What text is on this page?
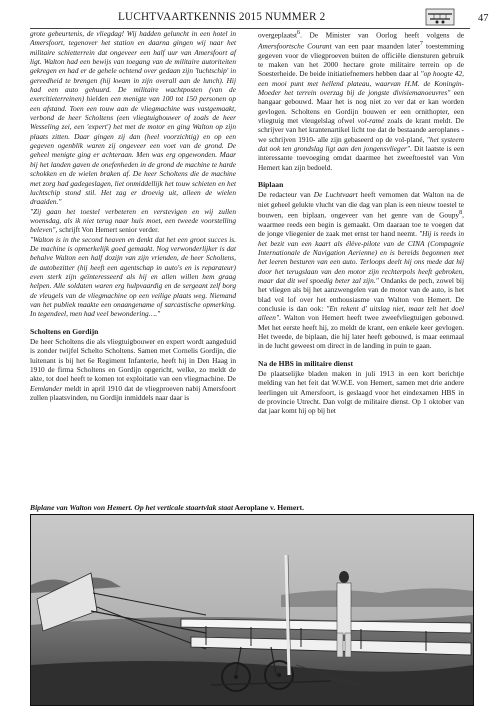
LUCHTVAARTKENNIS 2015 NUMMER 2	47

grote gebeurtenis, de vliegdag! Wij hadden geluncht in een hotel in Amersfoort, tegenover het station en daarna gingen wij naar het militaire schietterrein dat ongeveer een half uur van Amersfoort af ligt. Walton had een bewijs van toegang van de militaire autoriteiten gekregen en had er de gehele ochtend over gedaan zijn 'luchtschip' in gereedheid te brengen (hij kwam in zijn overall aan de lunch). Hij had een auto gehuurd. De militaire wachtposten (van de exercitieterreinen) hielden een menigte van 100 tot 150 personen op een afstand. Toen een touw aan de vliegmachine was vastgemaakt, verbond de heer Scholtens (een vliegtuigbouwer of zoals de heer Wesseling zei, een 'expert') het met de motor en ging Walton op zijn plaats zitten. Daar gingen zij dan (heel voorzichtig) en op een gegeven ogenblik waren zij ongeveer een voet van de grond. De geheel menigte ging er achteraan. Men was erg opgewonden. Maar bij het landen gaven de onefenheden in de grond de machine te harde schokken en de wielen braken af. De heer Scholtens die de machine met zorg had gadegeslagen, liet onmiddellijk het touw schieten en het luchtschip stond stil. Het zag er droevig uit, alleen de wielen draaiden."

"Zij gaan het toestel verbeteren en verstevigen en wij zullen woensdag, als ik niet terug naar huis moet, een tweede voorstelling beleven", schrijft Von Hemert senior verder.

"Walton is in the second heaven en denkt dat het een groot succes is. De machine is opmerkelijk goed gemaakt. Nog verwonderlijker is dat behalve Walton een half dozijn van zijn vrienden, de heer Scholtens, de autobezitter (hij heeft een agentschap in auto's en is reparateur) even sterk zijn geïnteresseerd als hij en allen willen hem graag helpen. Alle soldaten waren erg hulpvaardig en de sergeant zelf borg de vleugels van de vliegmachine op een veilige plaats weg. Niemand van het publiek maakte een onaangename of sarcastische opmerking. In tegendeel, men had veel bewondering…."

Scholtens en Gordijn

De heer Scholtens die als vliegtuigbouwer en expert wordt aangeduid is zonder twijfel Schelto Scholtens. Samen met Cornelis Gordijn, die luitenant is bij het 6e Regiment Infanterie, heeft hij in Den Haag in 1910 de firma Scholtens en Gordijn opgericht, welke, zo meldt de akte, tot doel heeft te komen tot exploitatie van een vliegmachine. De Eemlander meldt in april 1910 dat de vliegproeven nabij Amersfoort zullen plaatsvinden, nu Gordijn inmiddels naar daar is

overgeplaatst$^6$. De Minister van Oorlog heeft volgens de Amersfoortsche Courant van een paar maanden later$^7$ toestemming gegeven voor de vliegproeven buiten de officiële diensturen gebruik te maken van het 2000 hectare grote militaire terrein op de Soesterheide. De beide initiatiefnemers hebben daar al "op hoogte 42, een mooi punt met hellend plateau, waarvan H.M. de Koningin-Moeder het terrein overzag bij de jongste divisiemanoeuvres" een hangaar gebouwd. Maar het is nog niet zo ver dat er kan worden gevlogen. Scholtens en Gordijn bouwen er een ornithopter, een vliegtuig met vleugelslag ofwel vol-ramé zoals de krant meldt. De schrijver van het krantenartikel licht toe dat de bestaande aeroplanes -we schrijven 1910- alle zijn gebaseerd op de vol-plané, "het systeem dat ook ten grondslag ligt aan den jongensvlieger". Dit laatste is een interessante toevoeging omdat daarmee het zweeftoestel van Von Hemert kan zijn bedoeld.

Biplaan

De redacteur van De Luchtvaart heeft vernomen dat Walton na de niet geheel gelukte vlucht van die dag van plan is een nieuw toestel te bouwen, een biplaan, ongeveer van het genre van de Goupy$^8$, waarmee reeds een begin is gemaakt. Om daaraan toe te voegen dat de jonge vliegenier de zaak met ernst ter hand neemt. "Hij is reeds in het bezit van een kaart als élève-pilote van de CINA (Compagnie Internationale de Navigation Aerienne) en is bereids begonnen met het leeren besturen van een auto. Terloops deelt hij ons mede dat hij door het terugslaan van den motor zijn rechterpols heeft gebroken, maar dat dit wel spoedig beter zal zijn." Ondanks de pech, zowel bij het vliegen als bij het aanzwengelen van de motor van de auto, is het blad vol lof over het enthousiasme van Walton von Hemert. De conclusie is dan ook: "En rekent d' uitslag niet, maar telt het doel alleen". Walton von Hemert heeft twee zweefvliegtuigen gebouwd. Met het eerste heeft hij, zo meldt de krant, een enkele keer gevlogen. Het tweede, de biplaan, die hij later heeft gebouwd, is maar eenmaal in de lucht geweest om direct in de landing in puin te gaan.

Na de HBS in militaire dienst

De plaatselijke bladen maken in juli 1913 in een kort berichtje melding van het feit dat W.W.E. von Hemert, samen met drie andere leerlingen uit Amersfoort, is geslaagd voor het eindexamen HBS in de provincie Utrecht. Dan volgt de militaire dienst. Op 1 oktober van dat jaar komt hij op bij het

Biplane van Walton von Hemert. Op het verticale staartvlak staat Aeroplane v. Hemert.
